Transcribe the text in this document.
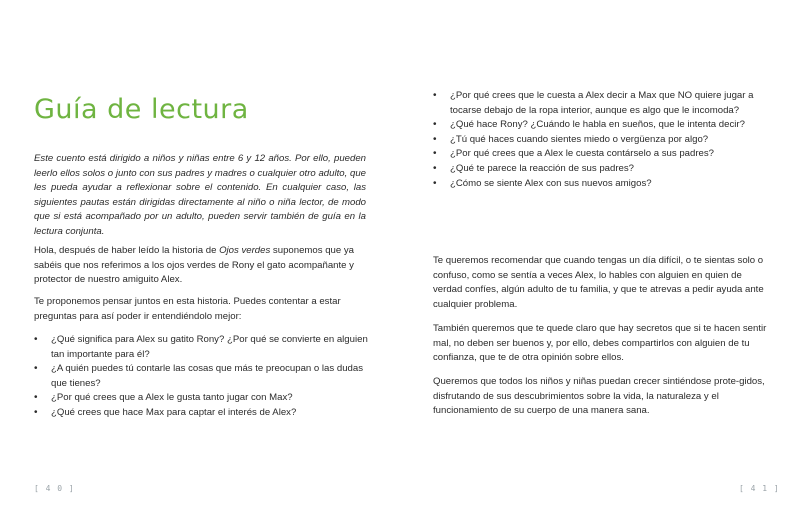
Guía de lectura

Este cuento está dirigido a niños y niñas entre 6 y 12 años. Por ello, pueden leerlo ellos solos o junto con sus padres y madres o cualquier otro adulto, que les pueda ayudar a reflexionar sobre el contenido. En cualquier caso, las siguientes pautas están dirigidas directamente al niño o niña lector, de modo que si está acompañado por un adulto, pueden servir también de guía en la lectura conjunta.

Hola, después de haber leído la historia de Ojos verdes suponemos que ya sabéis que nos referimos a los ojos verdes de Rony el gato acompañante y protector de nuestro amiguito Alex.

Te proponemos pensar juntos en esta historia. Puedes contentar a estar preguntas para así poder ir entendiéndolo mejor:

• ¿Qué significa para Alex su gatito Rony? ¿Por qué se convierte en alguien tan importante para él?
• ¿A quién puedes tú contarle las cosas que más te preocupan o las dudas que tienes?
• ¿Por qué crees que a Alex le gusta tanto jugar con Max?
• ¿Qué crees que hace Max para captar el interés de Alex?
[ 4 0 ]
• ¿Por qué crees que le cuesta a Alex decir a Max que NO quiere jugar a tocarse debajo de la ropa interior, aunque es algo que le incomoda?
• ¿Qué hace Rony? ¿Cuándo le habla en sueños, que le intenta decir?
• ¿Tú qué haces cuando sientes miedo o vergüenza por algo?
• ¿Por qué crees que a Alex le cuesta contárselo a sus padres?
• ¿Qué te parece la reacción de sus padres?
• ¿Cómo se siente Alex con sus nuevos amigos?

Te queremos recomendar que cuando tengas un día difícil, o te sientas solo o confuso, como se sentía a veces Alex, lo hables con alguien en quien de verdad confíes, algún adulto de tu familia, y que te atrevas a pedir ayuda ante cualquier problema.

También queremos que te quede claro que hay secretos que si te hacen sentir mal, no deben ser buenos y, por ello, debes compartirlos con alguien de tu confianza, que te de otra opinión sobre ellos.

Queremos que todos los niños y niñas puedan crecer sintiéndose prote-gidos, disfrutando de sus descubrimientos sobre la vida, la naturaleza y el funcionamiento de su cuerpo de una manera sana.

[ 4 1 ]
